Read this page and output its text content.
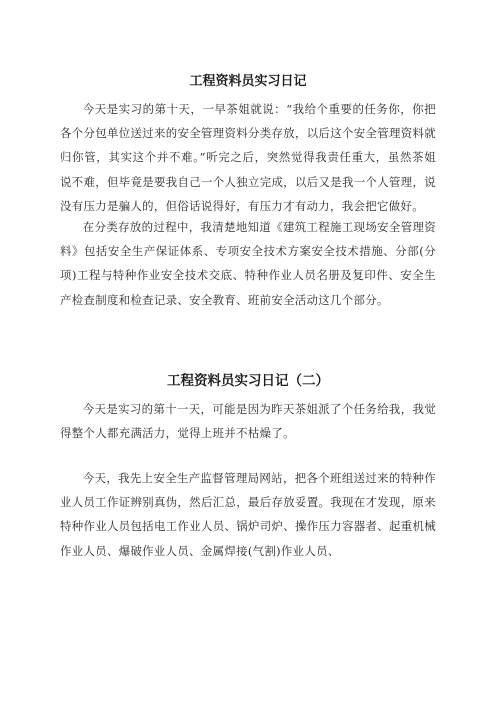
工程资料员实习日记

今天是实习的第十天，一早茶姐就说：“我给个重要的任务你，你把各个分包单位送过来的安全管理资料分类存放，以后这个安全管理资料就归你管，其实这个并不难。”听完之后，突然觉得我责任重大，虽然茶姐说不难，但毕竟是要我自己一个人独立完成，以后又是我一个人管理，说没有压力是骗人的，但俗话说得好，有压力才有动力，我会把它做好。

在分类存放的过程中，我清楚地知道《建筑工程施工现场安全管理资料》包括安全生产保证体系、专项安全技术方案安全技术措施、分部(分项)工程与特种作业安全技术交底、特种作业人员名册及复印件、安全生产检查制度和检查记录、安全教育、班前安全活动这几个部分。

工程资料员实习日记（二）

今天是实习的第十一天，可能是因为昨天茶姐派了个任务给我，我觉得整个人都充满活力，觉得上班并不枯燥了。

今天，我先上安全生产监督管理局网站，把各个班组送过来的特种作业人员工作证辨别真伪，然后汇总，最后存放妥置。我现在才发现，原来特种作业人员包括电工作业人员、锅炉司炉、操作压力容器者、起重机械作业人员、爆破作业人员、金属焊接(气割)作业人员、
